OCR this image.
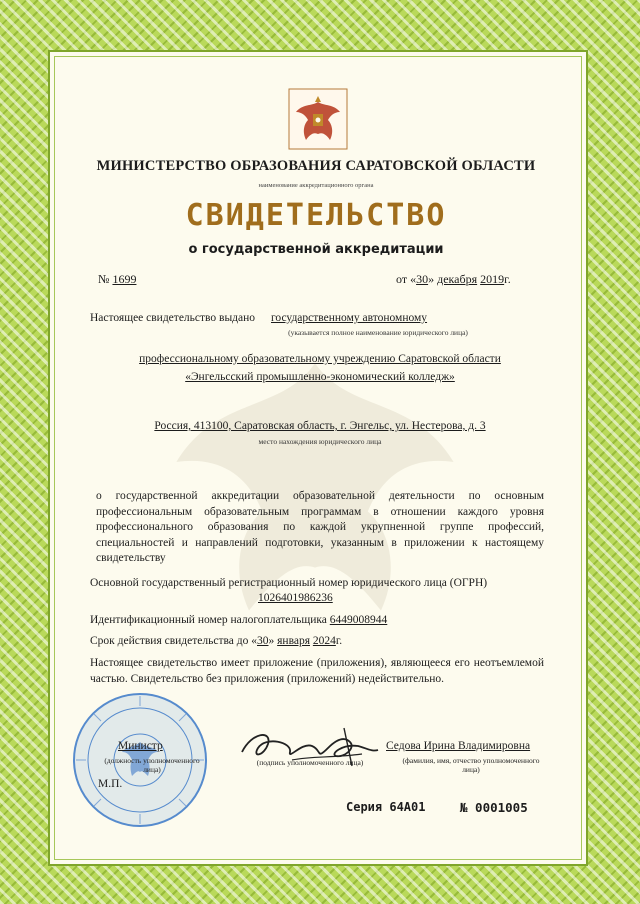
МИНИСТЕРСТВО ОБРАЗОВАНИЯ САРАТОВСКОЙ ОБЛАСТИ
наименование аккредитационного органа
СВИДЕТЕЛЬСТВО
о государственной аккредитации
№ 1699	от «30» декабря 2019г.
Настоящее свидетельство выдано государственному автономному
(указывается полное наименование юридического лица)
профессиональному образовательному учреждению Саратовской области
«Энгельсский промышленно-экономический колледж»
Россия, 413100, Саратовская область, г. Энгельс, ул. Нестерова, д. 3
место нахождения юридического лица
о государственной аккредитации образовательной деятельности по основным профессиональным образовательным программам в отношении каждого уровня профессионального образования по каждой укрупненной группе профессий, специальностей и направлений подготовки, указанным в приложении к настоящему свидетельству
Основной государственный регистрационный номер юридического лица (ОГРН)
1026401986236
Идентификационный номер налогоплательщика 6449008944
Срок действия свидетельства до «30» января 2024г.
Настоящее свидетельство имеет приложение (приложения), являющееся его неотъемлемой частью. Свидетельство без приложения (приложений) недействительно.
Министр
(должность уполномоченного лица)
М.П.
(подпись уполномоченного лица)
Седова Ирина Владимировна
(фамилия, имя, отчество уполномоченного лица)
Серия 64А01	№ 0001005
